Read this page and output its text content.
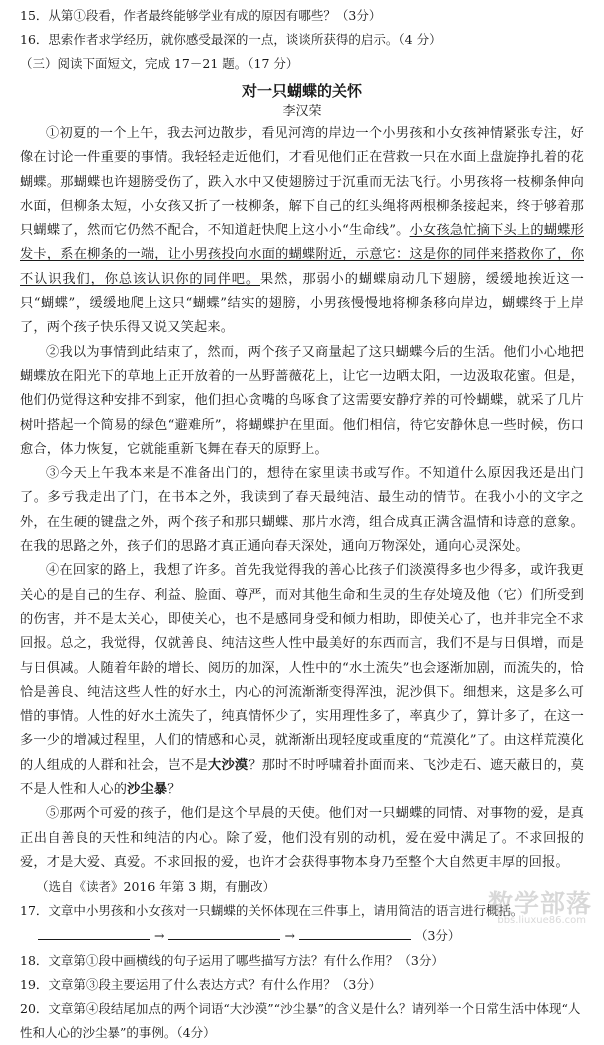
15．从第①段看，作者最终能够学业有成的原因有哪些？（3分）

16．思索作者求学经历，就你感受最深的一点，谈谈所获得的启示。（4 分）

（三）阅读下面短文，完成 17－21 题。（17 分）

对一只蝴蝶的关怀

李汉荣

①初夏的一个上午，我去河边散步，看见河湾的岸边一个小男孩和小女孩神情紧张专注，好像在讨论一件重要的事情。我轻轻走近他们，才看见他们正在营救一只在水面上盘旋挣扎着的花蝴蝶。那蝴蝶也许翅膀受伤了，跌入水中又使翅膀过于沉重而无法飞行。小男孩将一枝柳条伸向水面，但柳条太短，小女孩又折了一枝柳条，解下自己的红头绳将两根柳条接起来，终于够着那只蝴蝶了，然而它仍然不配合，不知道赶快爬上这小小“生命线”。小女孩急忙摘下头上的蝴蝶形发卡，系在柳条的一端，让小男孩投向水面的蝴蝶附近，示意它：这是你的同伴来搭救你了，你不认识我们，你总该认识你的同伴吧。果然，那弱小的蝴蝶扇动几下翅膀，缓缓地挨近这一只“蝴蝶”，缓缓地爬上这只“蝴蝶”结实的翅膀，小男孩慢慢地将柳条移向岸边，蝴蝶终于上岸了，两个孩子快乐得又说又笑起来。

②我以为事情到此结束了，然而，两个孩子又商量起了这只蝴蝶今后的生活。他们小心地把蝴蝶放在阳光下的草地上正开放着的一丛野蔷薇花上，让它一边晒太阳，一边汲取花蜜。但是，他们仍觉得这种安排不到家，他们担心贪嘴的鸟啄食了这需要安静疗养的可怜蝴蝶，就采了几片树叶搭起一个简易的绿色“避难所”，将蝴蝶护在里面。他们相信，待它安静休息一些时候，伤口愈合，体力恢复，它就能重新飞舞在春天的原野上。

③今天上午我本来是不准备出门的，想待在家里读书或写作。不知道什么原因我还是出门了。多亏我走出了门，在书本之外，我读到了春天最纯洁、最生动的情节。在我小小的文字之外，在生硬的键盘之外，两个孩子和那只蝴蝶、那片水湾，组合成真正满含温情和诗意的意象。在我的思路之外，孩子们的思路才真正通向春天深处，通向万物深处，通向心灵深处。

④在回家的路上，我想了许多。首先我觉得我的善心比孩子们淡漠得多也少得多，或许我更关心的是自己的生存、利益、脸面、尊严，而对其他生命和生灵的生存处境及他（它）们所受到的伤害，并不是太关心，即使关心，也不是感同身受和倾力相助，即使关心了，也并非完全不求回报。总之，我觉得，仅就善良、纯洁这些人性中最美好的东西而言，我们不是与日俱增，而是与日俱减。人随着年龄的增长、阅历的加深，人性中的“水土流失”也会逐渐加剧，而流失的，恰恰是善良、纯洁这些人性的好水土，内心的河流渐渐变得浑浊，泥沙俱下。细想来，这是多么可惜的事情。人性的好水土流失了，纯真情怀少了，实用理性多了，率真少了，算计多了，在这一多一少的增减过程里，人们的情感和心灵，就渐渐出现轻度或重度的“荒漠化”了。由这样荒漠化的人组成的人群和社会，岂不是大沙漠？那时不时呼啸着扑面而来、飞沙走石、遮天蔽日的，莫不是人性和人心的沙尘暴？

⑤那两个可爱的孩子，他们是这个早晨的天使。他们对一只蝴蝶的同情、对事物的爱，是真正出自善良的天性和纯洁的内心。除了爱，他们没有别的动机，爱在爱中满足了。不求回报的爱，才是大爱、真爱。不求回报的爱，也许才会获得事物本身乃至整个大自然更丰厚的回报。

（选自《读者》2016 年第 3 期，有删改）

17．文章中小男孩和小女孩对一只蝴蝶的关怀体现在三件事上，请用简洁的语言进行概括。

→	→	（3分）

18．文章第①段中画横线的句子运用了哪些描写方法？有什么作用？（3分）

19．文章第③段主要运用了什么表达方式？有什么作用？（3分）

20．文章第④段结尾加点的两个词语“大沙漠”“沙尘暴”的含义是什么？请列举一个日常生活中体现“人性和人心的沙尘暴”的事例。（4分）

数学部落
bbs.liuxue86.com
